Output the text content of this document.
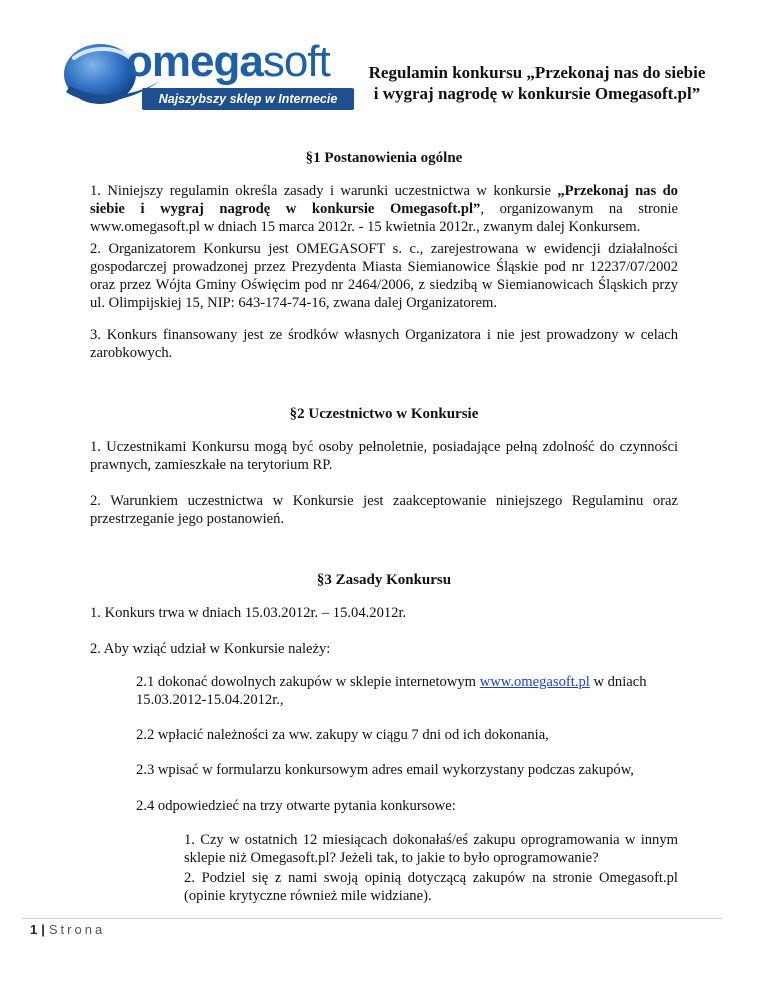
omegasoft
Najszybszy sklep w Internecie
Regulamin konkursu „Przekonaj nas do siebie
i wygraj nagrodę w konkursie Omegasoft.pl”
§1 Postanowienia ogólne
1. Niniejszy regulamin określa zasady i warunki uczestnictwa w konkursie „Przekonaj nas do siebie i wygraj nagrodę w konkursie Omegasoft.pl”, organizowanym na stronie www.omegasoft.pl w dniach 15 marca 2012r. - 15 kwietnia 2012r., zwanym dalej Konkursem.
2. Organizatorem Konkursu jest OMEGASOFT s. c., zarejestrowana w ewidencji działalności gospodarczej prowadzonej przez Prezydenta Miasta Siemianowice Śląskie pod nr 12237/07/2002 oraz przez Wójta Gminy Oświęcim pod nr 2464/2006, z siedzibą w Siemianowicach Śląskich przy ul. Olimpijskiej 15, NIP: 643-174-74-16, zwana dalej Organizatorem.
3. Konkurs finansowany jest ze środków własnych Organizatora i nie jest prowadzony w celach zarobkowych.
§2 Uczestnictwo w Konkursie
1. Uczestnikami Konkursu mogą być osoby pełnoletnie, posiadające pełną zdolność do czynności prawnych, zamieszkałe na terytorium RP.
2. Warunkiem uczestnictwa w Konkursie jest zaakceptowanie niniejszego Regulaminu oraz przestrzeganie jego postanowień.
§3 Zasady Konkursu
1. Konkurs trwa w dniach 15.03.2012r. – 15.04.2012r.
2. Aby wziąć udział w Konkursie należy:
2.1 dokonać dowolnych zakupów w sklepie internetowym www.omegasoft.pl w dniach 15.03.2012-15.04.2012r.,
2.2 wpłacić należności za ww. zakupy w ciągu 7 dni od ich dokonania,
2.3 wpisać w formularzu konkursowym adres email wykorzystany podczas zakupów,
2.4 odpowiedzieć na trzy otwarte pytania konkursowe:
1. Czy w ostatnich 12 miesiącach dokonałaś/eś zakupu oprogramowania w innym sklepie niż Omegasoft.pl? Jeżeli tak, to jakie to było oprogramowanie?
2. Podziel się z nami swoją opinią dotyczącą zakupów na stronie Omegasoft.pl (opinie krytyczne również mile widziane).
1 | Strona
